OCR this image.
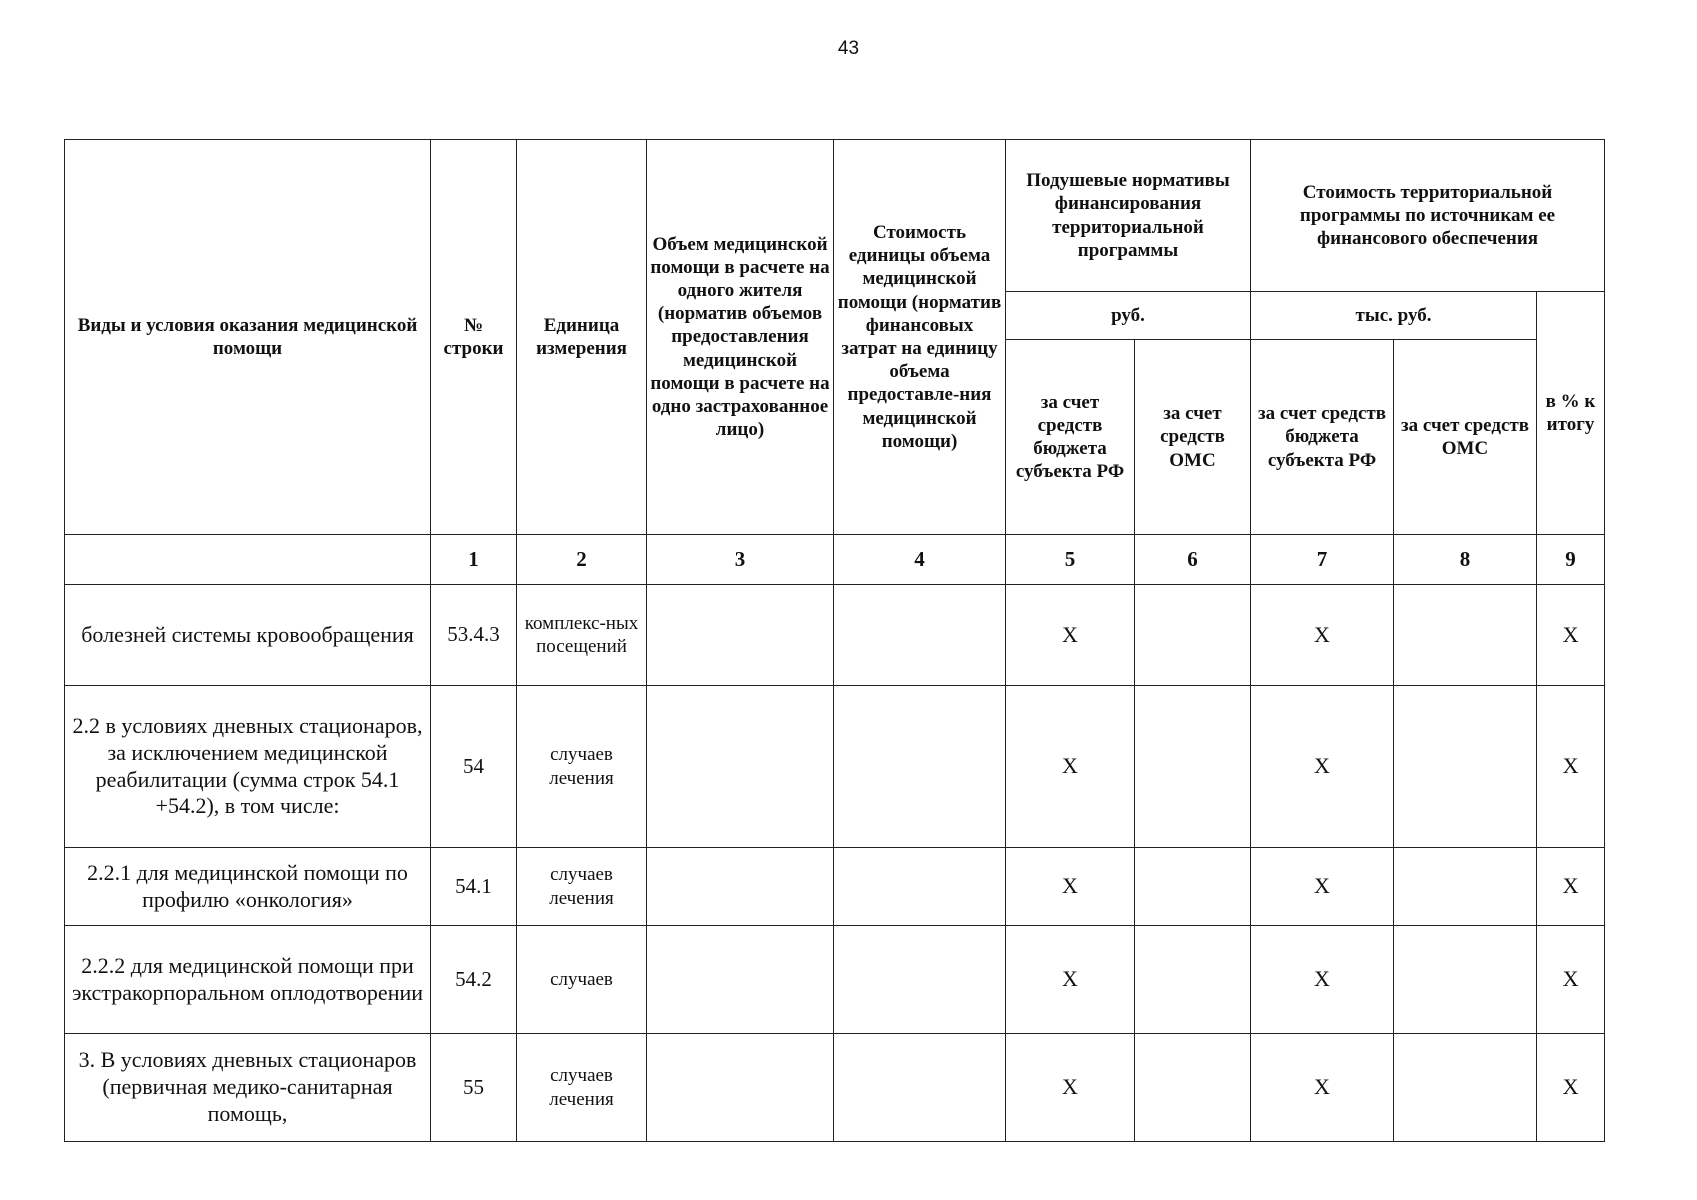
43
Виды и условия оказания медицинской помощи	№ строки	Единица измерения	Объем медицинской помощи в расчете на одного жителя (норматив объемов предоставления медицинской помощи в расчете на одно застрахованное лицо)	Стоимость единицы объема медицинской помощи (норматив финансовых затрат на единицу объема предоставле-ния медицинской помощи)	Подушевые нормативы финансирования территориальной программы		Стоимость территориальной программы по источникам ее финансового обеспечения		
					руб.		тыс. руб.		в % к итогу

					за счет средств бюджета субъекта РФ	за счет средств ОМС	за счет средств бюджета субъекта РФ	за счет средств ОМС	
	1	2	3	4	5	6	7	8	9
болезней системы кровообращения	53.4.3	комплекс-ных посещений			X		X		X
2.2 в условиях дневных стационаров, за исключением медицинской реабилитации (сумма строк 54.1 +54.2), в том числе:	54	случаев лечения			X		X		X
2.2.1 для медицинской помощи по профилю «онкология»	54.1	случаев лечения			X		X		X
2.2.2 для медицинской помощи при экстракорпоральном оплодотворении	54.2	случаев			X		X		X
3. В условиях дневных стационаров (первичная медико-санитарная помощь,	55	случаев лечения			X		X		X
